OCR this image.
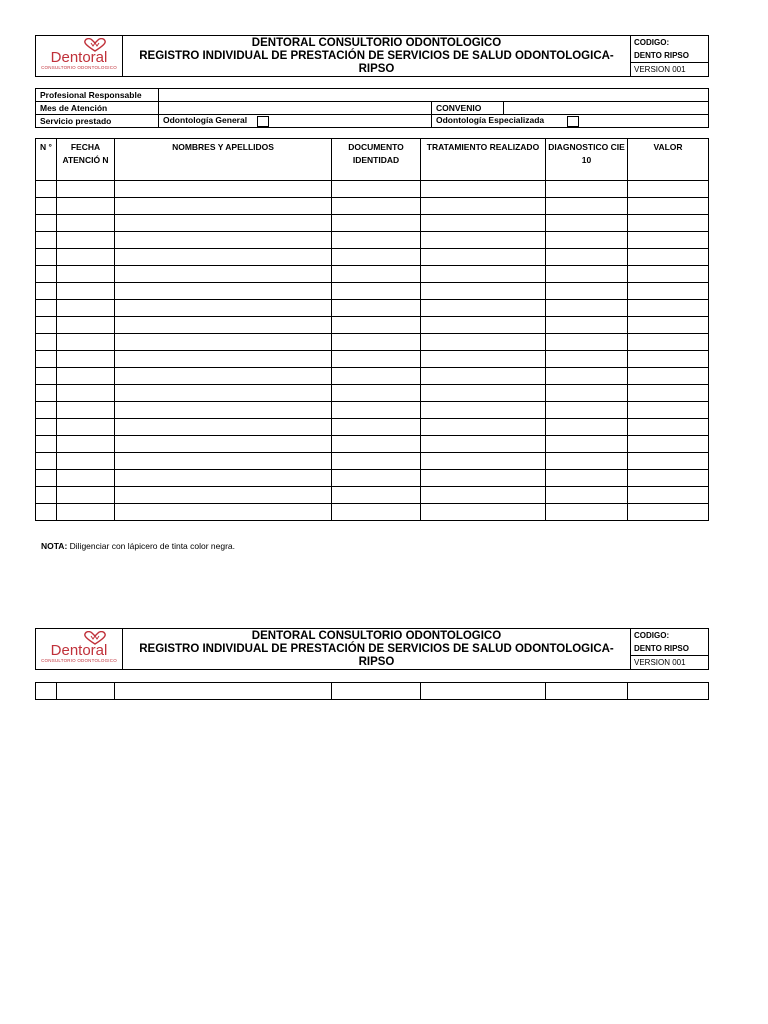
Dentoral
CONSULTORIO ODONTOLOGICO

DENTORAL CONSULTORIO ODONTOLOGICO
REGISTRO INDIVIDUAL DE PRESTACIÓN DE SERVICIOS DE SALUD ODONTOLOGICA-
RIPSO
	CODIGO:
DENTO RIPSO
VERSION 001
Profesional Responsable			
Mes de Atención		CONVENIO	
Servicio prestado	Odontología General	Odontología Especializada	
N °	FECHA ATENCIÓ N	NOMBRES Y APELLIDOS	DOCUMENTO IDENTIDAD	TRATAMIENTO REALIZADO	DIAGNOSTICO CIE 10	VALOR

NOTA: Diligenciar con lápicero de tinta color negra.
Dentoral
CONSULTORIO ODONTOLOGICO

DENTORAL CONSULTORIO ODONTOLOGICO
REGISTRO INDIVIDUAL DE PRESTACIÓN DE SERVICIOS DE SALUD ODONTOLOGICA-
RIPSO
	CODIGO:
DENTO RIPSO
VERSION 001
